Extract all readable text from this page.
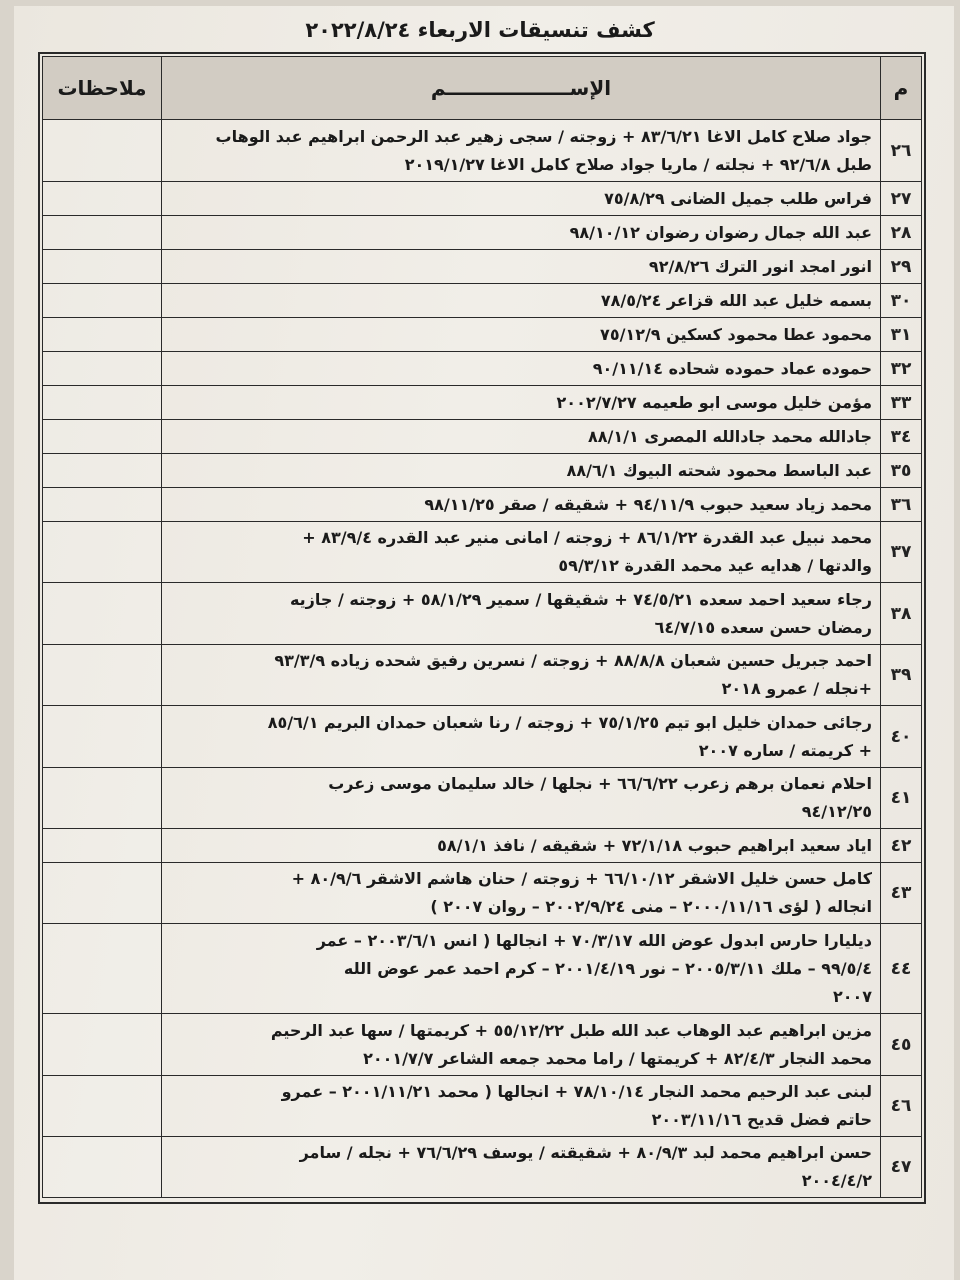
كشف تنسيقات الاربعاء ٢٠٢٢/٨/٢٤
م	الإســــــــــــــــــم	ملاحظات
٢٦	جواد صلاح كامل الاغا ٨٣/٦/٢١ + زوجته / سجى زهير عبد الرحمن ابراهيم عبد الوهاب
طبل ٩٢/٦/٨ + نجلته / ماريا جواد صلاح كامل الاغا ٢٠١٩/١/٢٧	

٢٧	فراس طلب جميل الضانى ٧٥/٨/٢٩	

٢٨	عبد الله جمال رضوان رضوان ٩٨/١٠/١٢	

٢٩	انور امجد انور الترك ٩٢/٨/٢٦	

٣٠	بسمه خليل عبد الله قزاعر ٧٨/٥/٢٤	

٣١	محمود عطا محمود كسكين ٧٥/١٢/٩	

٣٢	حموده عماد حموده شحاده ٩٠/١١/١٤	

٣٣	مؤمن خليل موسى ابو طعيمه ٢٠٠٢/٧/٢٧	

٣٤	جادالله محمد جادالله المصرى ٨٨/١/١	

٣٥	عبد الباسط محمود شحته البيوك ٨٨/٦/١	

٣٦	محمد زياد سعيد حبوب ٩٤/١١/٩ + شقيقه / صقر ٩٨/١١/٢٥	

٣٧	محمد نبيل عبد القدرة ٨٦/١/٢٢ + زوجته / امانى منير عبد القدره ٨٣/٩/٤ +
والدتها / هدايه عيد محمد القدرة ٥٩/٣/١٢	

٣٨	رجاء سعيد احمد سعده ٧٤/٥/٢١ + شقيقها / سمير ٥٨/١/٢٩ + زوجته / جازيه
رمضان حسن سعده ٦٤/٧/١٥	

٣٩	احمد جبريل حسين شعبان ٨٨/٨/٨ + زوجته / نسرين رفيق شحده زياده ٩٣/٣/٩
+نجله / عمرو ٢٠١٨	

٤٠	رجائى حمدان خليل ابو تيم ٧٥/١/٢٥ + زوجته / رنا شعبان حمدان البريم ٨٥/٦/١
+ كريمته / ساره ٢٠٠٧	

٤١	احلام نعمان برهم زعرب ٦٦/٦/٢٢ + نجلها / خالد سليمان موسى زعرب
٩٤/١٢/٢٥	

٤٢	اياد سعيد ابراهيم حبوب ٧٢/١/١٨ + شقيقه / نافذ ٥٨/١/١	

٤٣	كامل حسن خليل الاشقر ٦٦/١٠/١٢ + زوجته / حنان هاشم الاشقر ٨٠/٩/٦ +
انجاله ( لؤى ٢٠٠٠/١١/١٦ – منى ٢٠٠٢/٩/٢٤ – روان ٢٠٠٧ )	

٤٤	ديليارا حارس ابدول عوض الله ٧٠/٣/١٧ + انجالها ( انس ٢٠٠٣/٦/١ – عمر
٩٩/٥/٤ – ملك ٢٠٠٥/٣/١١ – نور ٢٠٠١/٤/١٩ – كرم احمد عمر عوض الله
٢٠٠٧	

٤٥	مزين ابراهيم عبد الوهاب عبد الله طبل ٥٥/١٢/٢٢ + كريمتها / سها عبد الرحيم
محمد النجار ٨٢/٤/٣ + كريمتها / راما محمد جمعه الشاعر ٢٠٠١/٧/٧	

٤٦	لبنى عبد الرحيم محمد النجار ٧٨/١٠/١٤ + انجالها ( محمد ٢٠٠١/١١/٢١ – عمرو
حاتم فضل قديح ٢٠٠٣/١١/١٦	

٤٧	حسن ابراهيم محمد لبد ٨٠/٩/٣ + شقيقته / يوسف ٧٦/٦/٢٩ + نجله / سامر
٢٠٠٤/٤/٢	
